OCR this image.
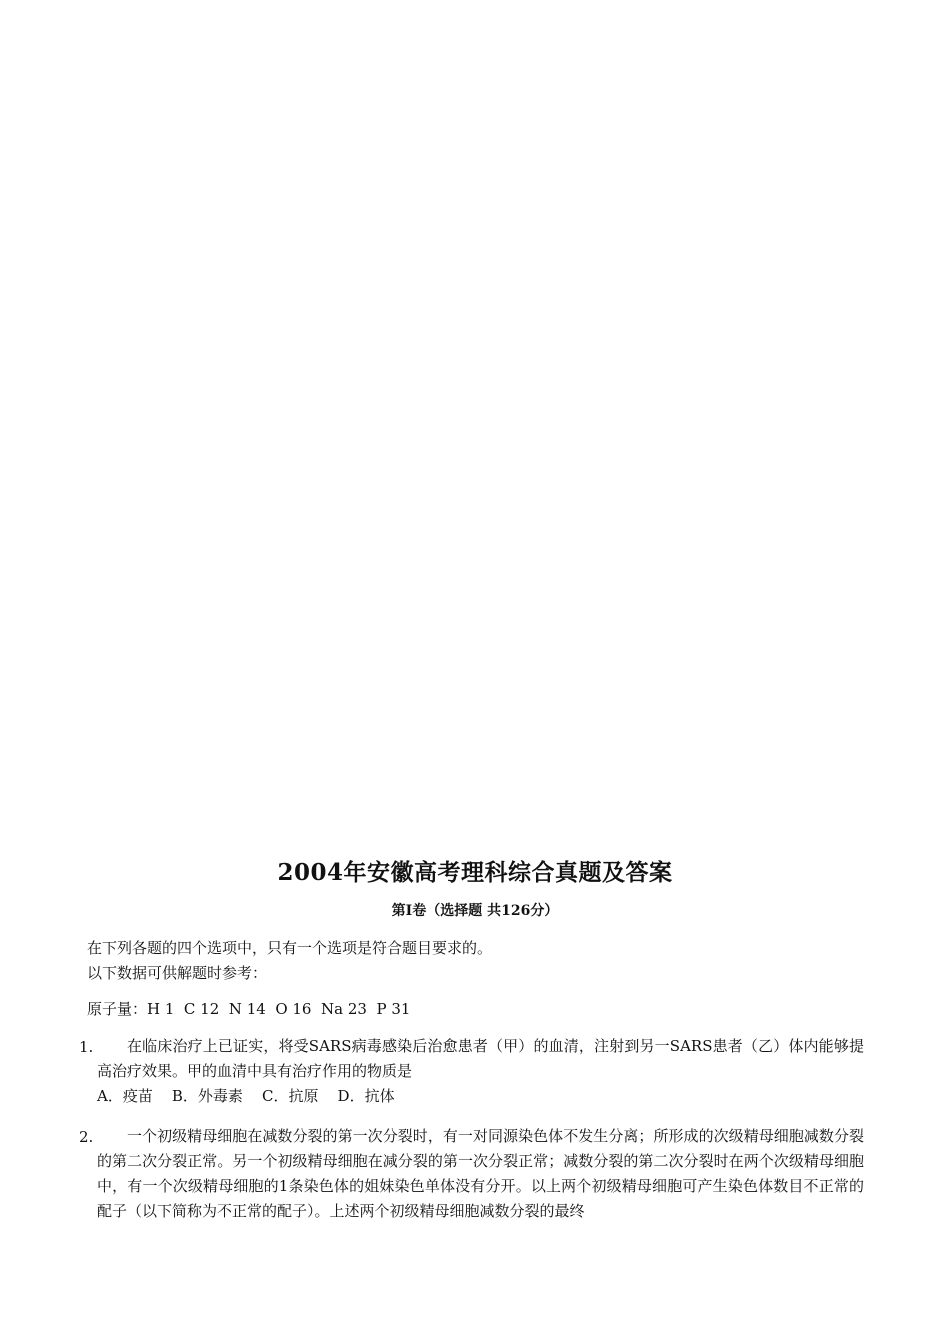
2004年安徽高考理科综合真题及答案
第Ⅰ卷（选择题 共126分）
在下列各题的四个选项中，只有一个选项是符合题目要求的。
以下数据可供解题时参考：
原子量：H 1  C 12  N 14  O 16  Na 23  P 31
1.	在临床治疗上已证实，将受SARS病毒感染后治愈患者（甲）的血清，注射到另一SARS患者（乙）体内能够提高治疗效果。甲的血清中具有治疗作用的物质是
A．疫苗    B．外毒素    C．抗原    D．抗体
2.	一个初级精母细胞在减数分裂的第一次分裂时，有一对同源染色体不发生分离；所形成的次级精母细胞减数分裂的第二次分裂正常。另一个初级精母细胞在减分裂的第一次分裂正常；减数分裂的第二次分裂时在两个次级精母细胞中，有一个次级精母细胞的1条染色体的姐妹染色单体没有分开。以上两个初级精母细胞可产生染色体数目不正常的配子（以下简称为不正常的配子）。上述两个初级精母细胞减数分裂的最终
